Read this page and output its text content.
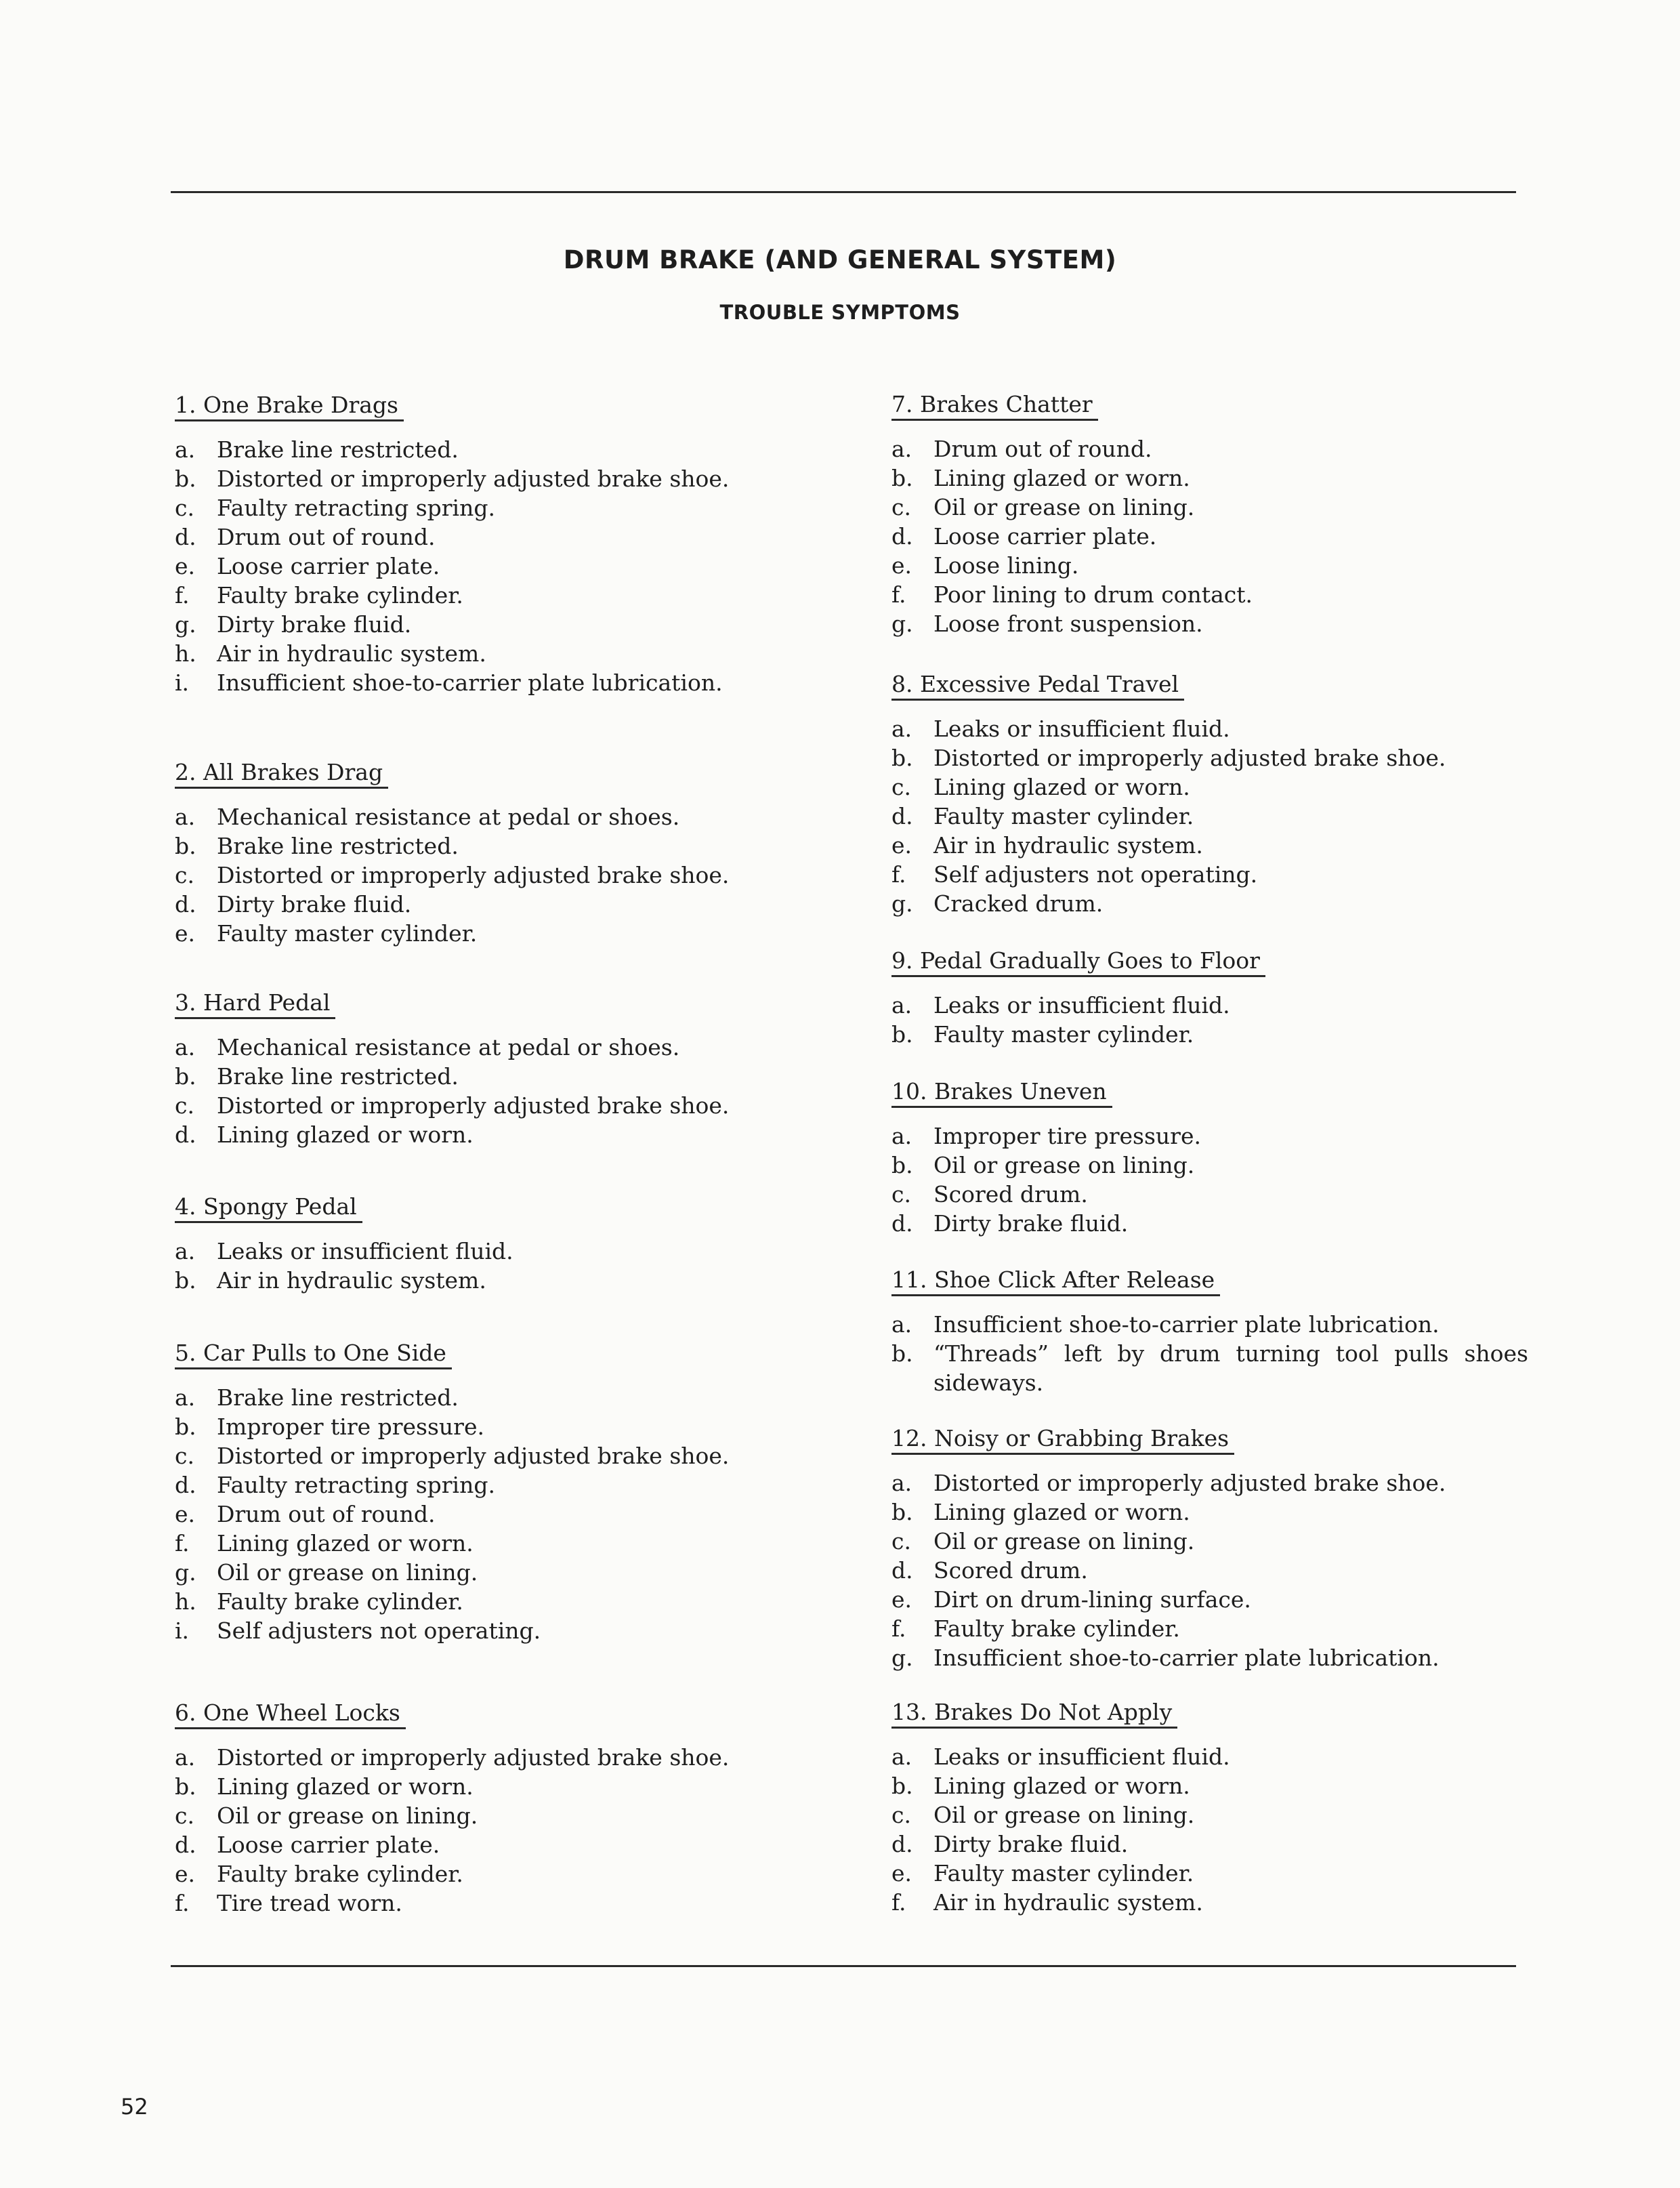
DRUM BRAKE (AND GENERAL SYSTEM)
TROUBLE SYMPTOMS
1. One Brake Drags
a. Brake line restricted.
b. Distorted or improperly adjusted brake shoe.
c.	Faulty retracting spring.
d. Drum out of round.
e. Loose carrier plate.
f.	Faulty brake cylinder.
g. Dirty brake fluid.
h. Air in hydraulic system.
i.	Insufficient shoe-to-carrier plate lubrication.
2. All Brakes Drag
a. Mechanical resistance at pedal or shoes.
b. Brake line restricted.
c.	Distorted or improperly adjusted brake shoe.
d. Dirty brake fluid.
e. Faulty master cylinder.
3. Hard Pedal
a. Mechanical resistance at pedal or shoes.
b. Brake line restricted.
c.	Distorted or improperly adjusted brake shoe.
d. Lining glazed or worn.
4. Spongy Pedal
a. Leaks or insufficient fluid.
b. Air in hydraulic system.
5. Car Pulls to One Side
a. Brake line restricted.
b. Improper tire pressure.
c.	Distorted or improperly adjusted brake shoe.
d. Faulty retracting spring.
e. Drum out of round.
f.	Lining glazed or worn.
g. Oil or grease on lining.
h. Faulty brake cylinder.
i.	Self adjusters not operating.
6. One Wheel Locks
a. Distorted or improperly adjusted brake shoe.
b. Lining glazed or worn.
c.	Oil or grease on lining.
d. Loose carrier plate.
e. Faulty brake cylinder.
f.	Tire tread worn.
7. Brakes Chatter
a. Drum out of round.
b. Lining glazed or worn.
c.	Oil or grease on lining.
d. Loose carrier plate.
e. Loose lining.
f.	Poor lining to drum contact.
g. Loose front suspension.
8. Excessive Pedal Travel
a. Leaks or insufficient fluid.
b. Distorted or improperly adjusted brake shoe.
c.	Lining glazed or worn.
d. Faulty master cylinder.
e. Air in hydraulic system.
f.	Self adjusters not operating.
g. Cracked drum.
9. Pedal Gradually Goes to Floor
a. Leaks or insufficient fluid.
b. Faulty master cylinder.
10. Brakes Uneven
a. Improper tire pressure.
b. Oil or grease on lining.
c.	Scored drum.
d. Dirty brake fluid.
11. Shoe Click After Release
a. Insufficient shoe-to-carrier plate lubrication.
b. “Threads” left by drum turning tool pulls shoes sideways.
12. Noisy or Grabbing Brakes
a. Distorted or improperly adjusted brake shoe.
b. Lining glazed or worn.
c.	Oil or grease on lining.
d. Scored drum.
e. Dirt on drum-lining surface.
f.	Faulty brake cylinder.
g. Insufficient shoe-to-carrier plate lubrication.
13. Brakes Do Not Apply
a. Leaks or insufficient fluid.
b. Lining glazed or worn.
c.	Oil or grease on lining.
d. Dirty brake fluid.
e. Faulty master cylinder.
f.	Air in hydraulic system.
52
